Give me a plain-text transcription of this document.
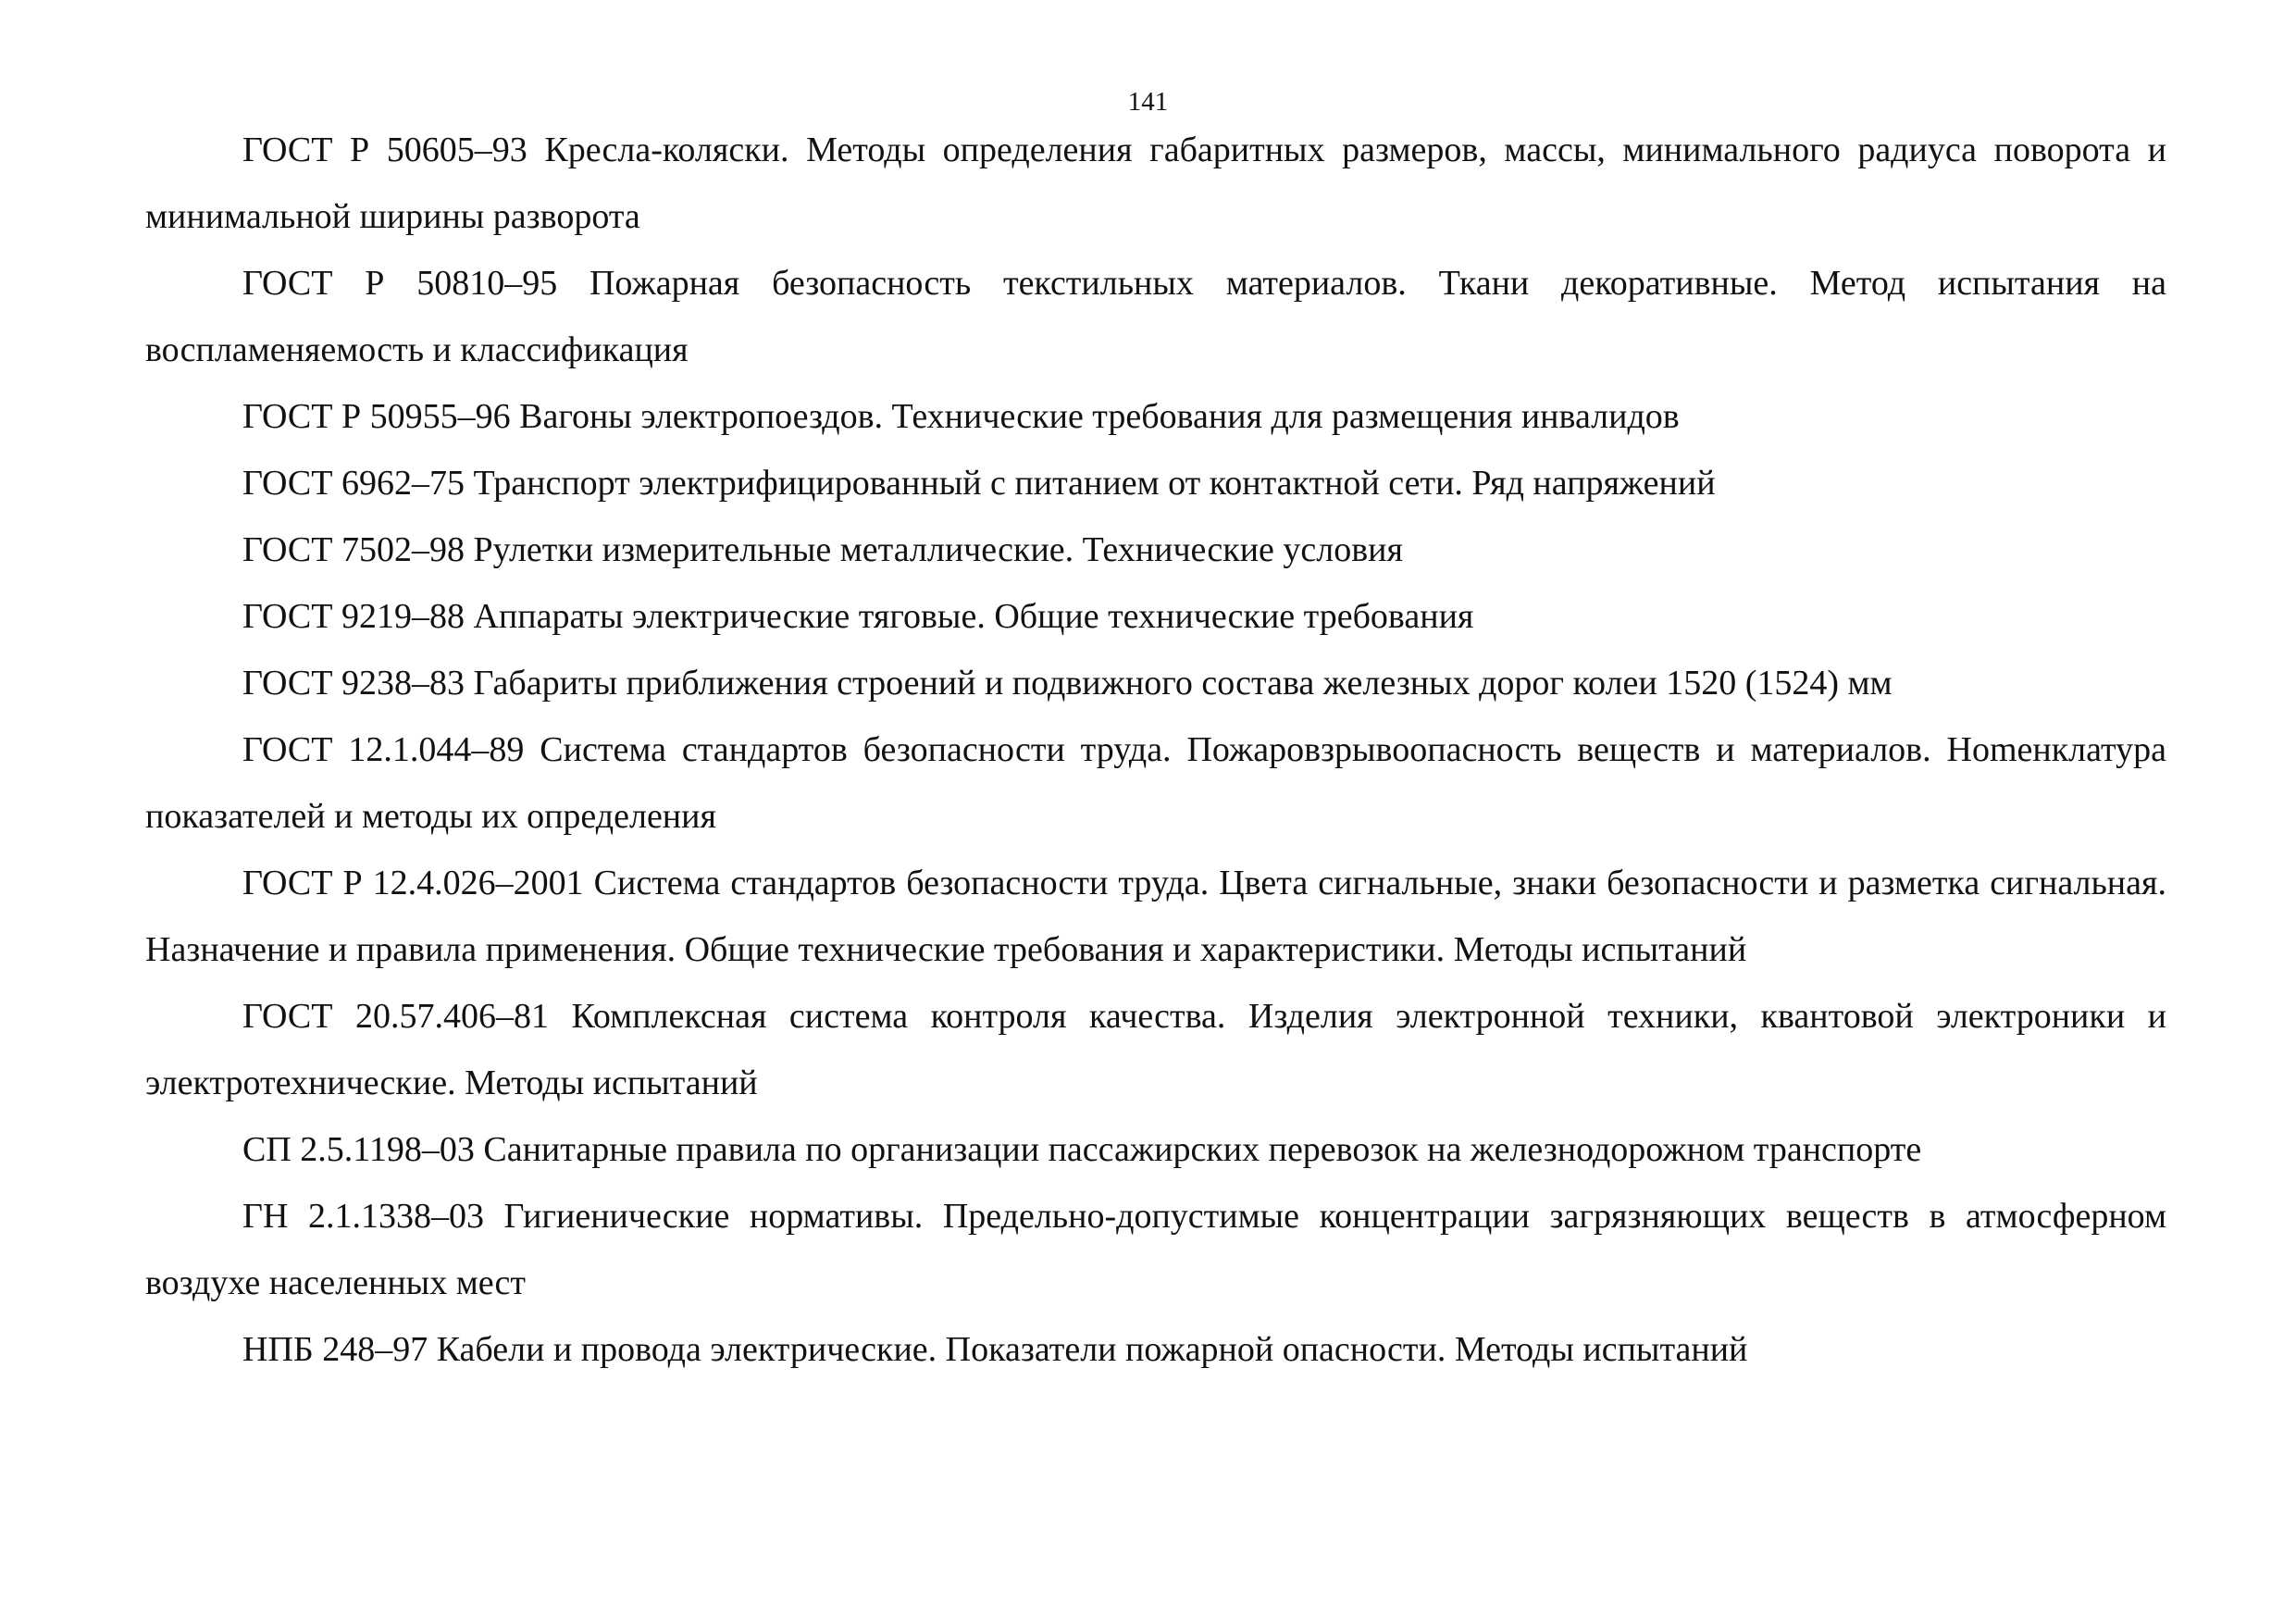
141

ГОСТ Р 50605–93 Кресла-коляски. Методы определения габаритных размеров, массы, минимального радиуса поворота и минимальной ширины разворота

ГОСТ Р 50810–95 Пожарная безопасность текстильных материалов. Ткани декоративные. Метод испытания на воспламеняемость и классификация

ГОСТ Р 50955–96 Вагоны электропоездов. Технические требования для размещения инвалидов

ГОСТ 6962–75 Транспорт электрифицированный с питанием от контактной сети. Ряд напряжений

ГОСТ 7502–98 Рулетки измерительные металлические. Технические условия

ГОСТ 9219–88 Аппараты электрические тяговые. Общие технические требования

ГОСТ 9238–83 Габариты приближения строений и подвижного состава железных дорог колеи 1520 (1524) мм

ГОСТ 12.1.044–89 Система стандартов безопасности труда. Пожаровзрывоопасность веществ и материалов. Ноmенклатура показателей и методы их определения

ГОСТ Р 12.4.026–2001 Система стандартов безопасности труда. Цвета сигнальные, знаки безопасности и разметка сигнальная. Назначение и правила применения. Общие технические требования и характеристики. Методы испытаний

ГОСТ 20.57.406–81 Комплексная система контроля качества. Изделия электронной техники, квантовой электроники и электротехнические. Методы испытаний

СП 2.5.1198–03 Санитарные правила по организации пассажирских перевозок на железнодорожном транспорте

ГН 2.1.1338–03 Гигиенические нормативы. Предельно-допустимые концентрации загрязняющих веществ в атмосферном воздухе населенных мест

НПБ 248–97 Кабели и провода электрические. Показатели пожарной опасности. Методы испытаний
